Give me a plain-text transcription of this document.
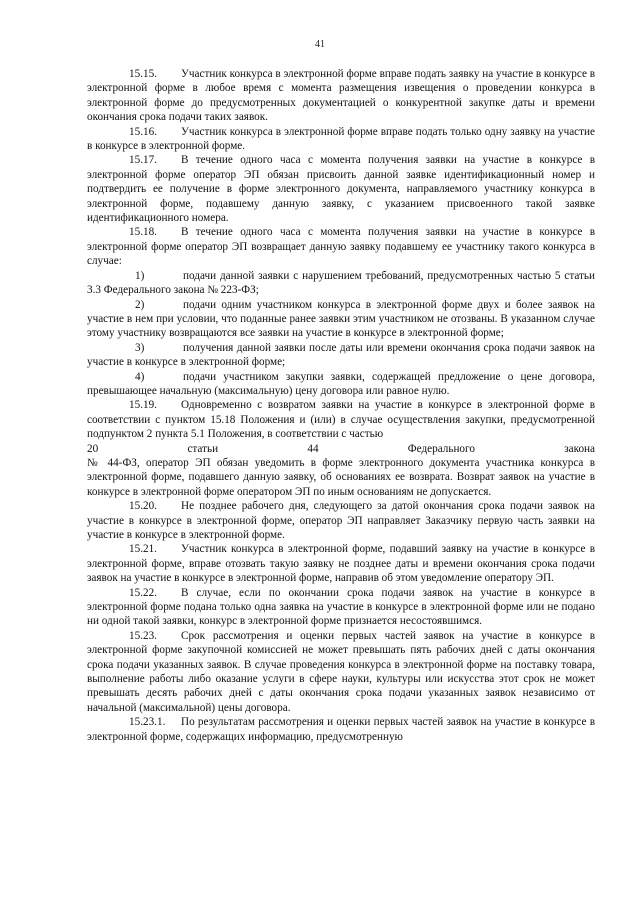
41

15.15. Участник конкурса в электронной форме вправе подать заявку на участие в конкурсе в электронной форме в любое время с момента размещения извещения о проведении конкурса в электронной форме до предусмотренных документацией о конкурентной закупке даты и времени окончания срока подачи таких заявок.

15.16. Участник конкурса в электронной форме вправе подать только одну заявку на участие в конкурсе в электронной форме.

15.17. В течение одного часа с момента получения заявки на участие в конкурсе в электронной форме оператор ЭП обязан присвоить данной заявке идентификационный номер и подтвердить ее получение в форме электронного документа, направляемого участнику конкурса в электронной форме, подавшему данную заявку, с указанием присвоенного такой заявке идентификационного номера.

15.18. В течение одного часа с момента получения заявки на участие в конкурсе в электронной форме оператор ЭП возвращает данную заявку подавшему ее участнику такого конкурса в случае:

1)	подачи данной заявки с нарушением требований, предусмотренных частью 5 статьи 3.3 Федерального закона № 223-ФЗ;

2)	подачи одним участником конкурса в электронной форме двух и более заявок на участие в нем при условии, что поданные ранее заявки этим участником не отозваны. В указанном случае этому участнику возвращаются все заявки на участие в конкурсе в электронной форме;

3)	получения данной заявки после даты или времени окончания срока подачи заявок на участие в конкурсе в электронной форме;

4)	подачи участником закупки заявки, содержащей предложение о цене договора, превышающее начальную (максимальную) цену договора или равное нулю.

15.19. Одновременно с возвратом заявки на участие в конкурсе в электронной форме в соответствии с пунктом 15.18 Положения и (или) в случае осуществления закупки, предусмотренной подпунктом 2 пункта 5.1 Положения, в соответствии с частью

20	статьи	44	Федерального	закона

№ 44-ФЗ, оператор ЭП обязан уведомить в форме электронного документа участника конкурса в электронной форме, подавшего данную заявку, об основаниях ее возврата. Возврат заявок на участие в конкурсе в электронной форме оператором ЭП по иным основаниям не допускается.

15.20. Не позднее рабочего дня, следующего за датой окончания срока подачи заявок на участие в конкурсе в электронной форме, оператор ЭП направляет Заказчику первую часть заявки на участие в конкурсе в электронной форме.

15.21. Участник конкурса в электронной форме, подавший заявку на участие в конкурсе в электронной форме, вправе отозвать такую заявку не позднее даты и времени окончания срока подачи заявок на участие в конкурсе в электронной форме, направив об этом уведомление оператору ЭП.

15.22. В случае, если по окончании срока подачи заявок на участие в конкурсе в электронной форме подана только одна заявка на участие в конкурсе в электронной форме или не подано ни одной такой заявки, конкурс в электронной форме признается несостоявшимся.

15.23. Срок рассмотрения и оценки первых частей заявок на участие в конкурсе в электронной форме закупочной комиссией не может превышать пять рабочих дней с даты окончания срока подачи указанных заявок. В случае проведения конкурса в электронной форме на поставку товара, выполнение работы либо оказание услуги в сфере науки, культуры или искусства этот срок не может превышать десять рабочих дней с даты окончания срока подачи указанных заявок независимо от начальной (максимальной) цены договора.

15.23.1. По результатам рассмотрения и оценки первых частей заявок на участие в конкурсе в электронной форме, содержащих информацию, предусмотренную
